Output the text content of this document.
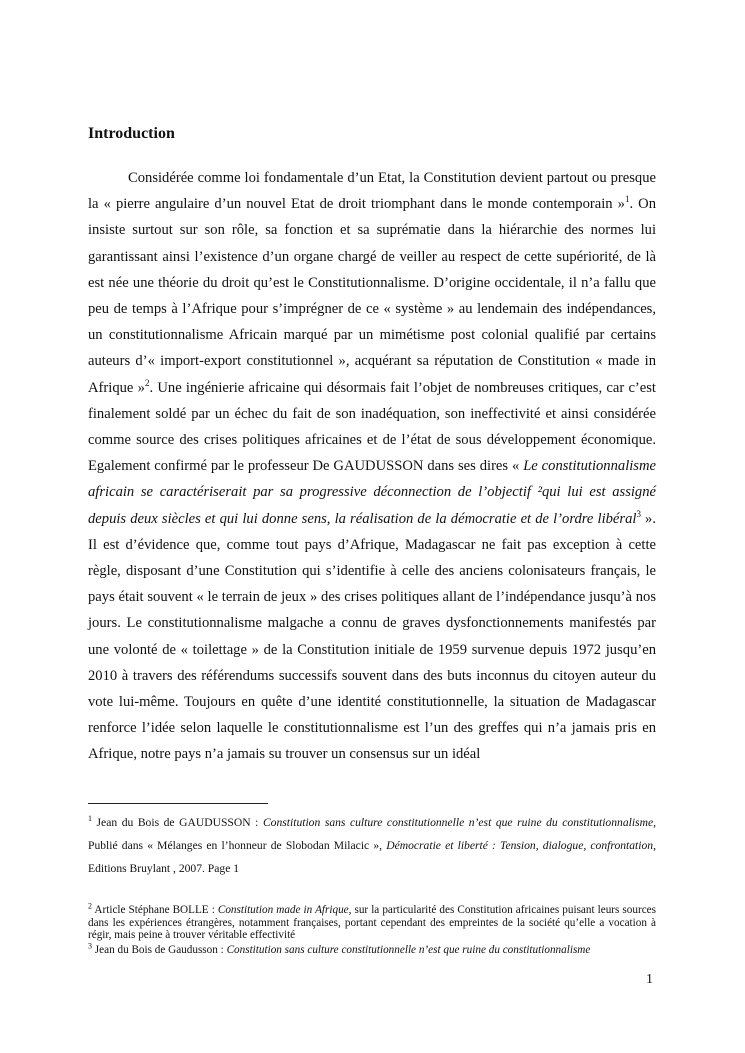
Introduction

Considérée comme loi fondamentale d’un Etat, la Constitution devient partout ou presque la « pierre angulaire d’un nouvel Etat de droit triomphant dans le monde contemporain »$^1$. On insiste surtout sur son rôle, sa fonction et sa suprématie dans la hiérarchie des normes lui garantissant ainsi l’existence d’un organe chargé de veiller au respect de cette supériorité, de là est née une théorie du droit qu’est le Constitutionnalisme. D’origine occidentale, il n’a fallu que peu de temps à l’Afrique pour s’imprégner de ce « système » au lendemain des indépendances, un constitutionnalisme Africain marqué par un mimétisme post colonial qualifié par certains auteurs d’« import-export constitutionnel », acquérant sa réputation de Constitution « made in Afrique »$^2$. Une ingénierie africaine qui désormais fait l’objet de nombreuses critiques, car c’est finalement soldé par un échec du fait de son inadéquation, son ineffectivité et ainsi considérée comme source des crises politiques africaines et de l’état de sous développement économique. Egalement confirmé par le professeur De GAUDUSSON dans ses dires « Le constitutionnalisme africain se caractériserait par sa progressive déconnection de l’objectif ²qui lui est assigné depuis deux siècles et qui lui donne sens, la réalisation de la démocratie et de l’ordre libéral$^3$ ». Il est d’évidence que, comme tout pays d’Afrique, Madagascar ne fait pas exception à cette règle, disposant d’une Constitution qui s’identifie à celle des anciens colonisateurs français, le pays était souvent « le terrain de jeux » des crises politiques allant de l’indépendance jusqu’à nos jours. Le constitutionnalisme malgache a connu de graves dysfonctionnements manifestés par une volonté de « toilettage » de la Constitution initiale de 1959 survenue depuis 1972 jusqu’en 2010 à travers des référendums successifs souvent dans des buts inconnus du citoyen auteur du vote lui-même. Toujours en quête d’une identité constitutionnelle, la situation de Madagascar renforce l’idée selon laquelle le constitutionnalisme est l’un des greffes qui n’a jamais pris en Afrique, notre pays n’a jamais su trouver un consensus sur un idéal

$^1$ Jean du Bois de GAUDUSSON : Constitution sans culture constitutionnelle n’est que ruine du constitutionnalisme, Publié dans « Mélanges en l’honneur de Slobodan Milacic », Démocratie et liberté : Tension, dialogue, confrontation, Editions Bruylant , 2007. Page 1
$^2$ Article Stéphane BOLLE : Constitution made in Afrique, sur la particularité des Constitution africaines puisant leurs sources dans les expériences étrangères, notamment françaises, portant cependant des empreintes de la société qu’elle a vocation à régir, mais peine à trouver véritable effectivité
$^3$ Jean du Bois de Gaudusson : Constitution sans culture constitutionnelle n’est que ruine du constitutionnalisme
1
